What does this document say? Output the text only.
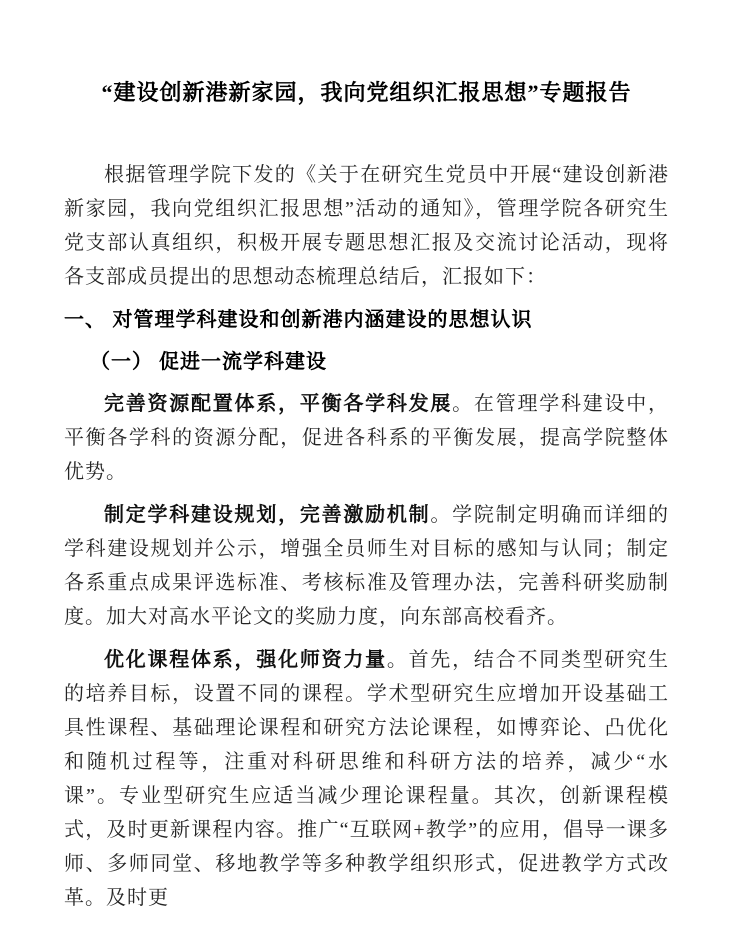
“建设创新港新家园，我向党组织汇报思想”专题报告

根据管理学院下发的《关于在研究生党员中开展“建设创新港新家园，我向党组织汇报思想”活动的通知》，管理学院各研究生党支部认真组织，积极开展专题思想汇报及交流讨论活动，现将各支部成员提出的思想动态梳理总结后，汇报如下：

一、 对管理学科建设和创新港内涵建设的思想认识
（一） 促进一流学科建设

完善资源配置体系，平衡各学科发展。在管理学科建设中，平衡各学科的资源分配，促进各科系的平衡发展，提高学院整体优势。

制定学科建设规划，完善激励机制。学院制定明确而详细的学科建设规划并公示，增强全员师生对目标的感知与认同；制定各系重点成果评选标准、考核标准及管理办法，完善科研奖励制度。加大对高水平论文的奖励力度，向东部高校看齐。

优化课程体系，强化师资力量。首先，结合不同类型研究生的培养目标，设置不同的课程。学术型研究生应增加开设基础工具性课程、基础理论课程和研究方法论课程，如博弈论、凸优化和随机过程等，注重对科研思维和科研方法的培养，减少“水课”。专业型研究生应适当减少理论课程量。其次，创新课程模式，及时更新课程内容。推广“互联网+教学”的应用，倡导一课多师、多师同堂、移地教学等多种教学组织形式，促进教学方式改革。及时更
